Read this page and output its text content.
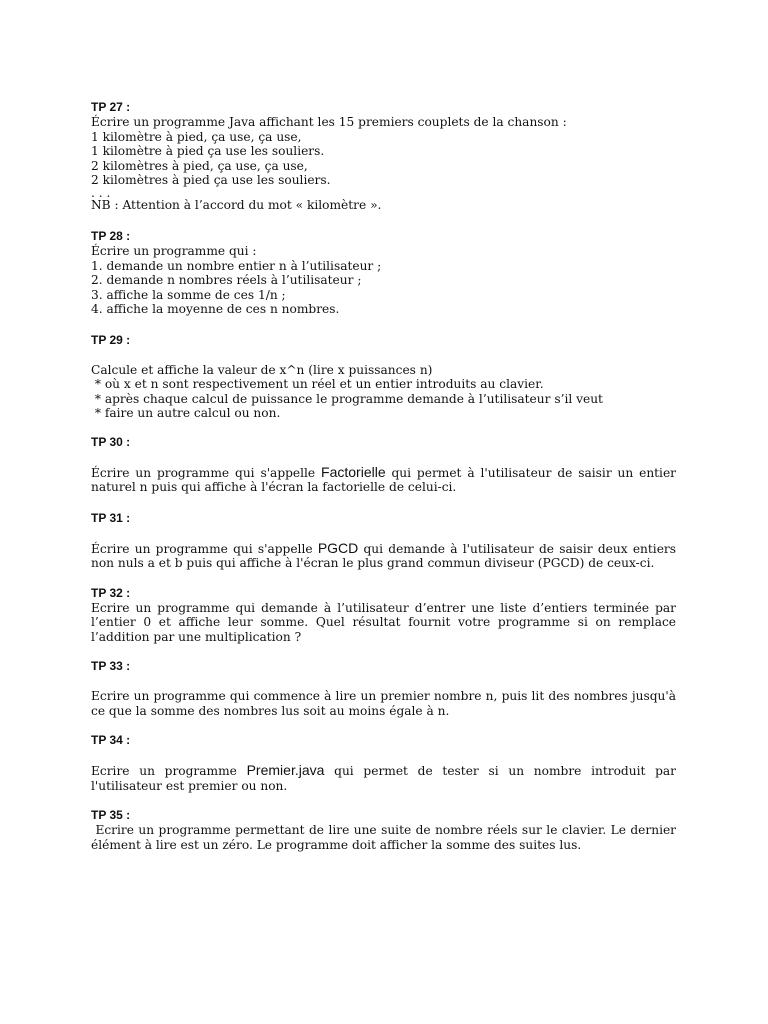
TP 27 :

Écrire un programme Java affichant les 15 premiers couplets de la chanson :

1 kilomètre à pied, ça use, ça use,

1 kilomètre à pied ça use les souliers.

2 kilomètres à pied, ça use, ça use,

2 kilomètres à pied ça use les souliers.

. . .

NB : Attention à l’accord du mot « kilomètre ».

TP 28 :

Écrire un programme qui :

1. demande un nombre entier n à l’utilisateur ;

2. demande n nombres réels à l’utilisateur ;

3. affiche la somme de ces 1/n ;

4. affiche la moyenne de ces n nombres.

TP 29 :

Calcule et affiche la valeur de x^n (lire x puissances n)

* où x et n sont respectivement un réel et un entier introduits au clavier.

* après chaque calcul de puissance le programme demande à l’utilisateur s’il veut

* faire un autre calcul ou non.

TP 30 :

Écrire un programme qui s'appelle Factorielle qui permet à l'utilisateur de saisir un entier naturel n puis qui affiche à l'écran la factorielle de celui-ci.

TP 31 :

Écrire un programme qui s'appelle PGCD qui demande à l'utilisateur de saisir deux entiers non nuls a et b puis qui affiche à l'écran le plus grand commun diviseur (PGCD) de ceux-ci.

TP 32 :

Ecrire un programme qui demande à l’utilisateur d’entrer une liste d’entiers terminée par l’entier 0 et affiche leur somme. Quel résultat fournit votre programme si on remplace l’addition par une multiplication ?

TP 33 :

Ecrire un programme qui commence à lire un premier nombre n, puis lit des nombres jusqu'à ce que la somme des nombres lus soit au moins égale à n.

TP 34 :

Ecrire un programme Premier.java qui permet de tester si un nombre introduit par l'utilisateur est premier ou non.

TP 35 :

Ecrire un programme permettant de lire une suite de nombre réels sur le clavier. Le dernier élément à lire est un zéro. Le programme doit afficher la somme des suites lus.
